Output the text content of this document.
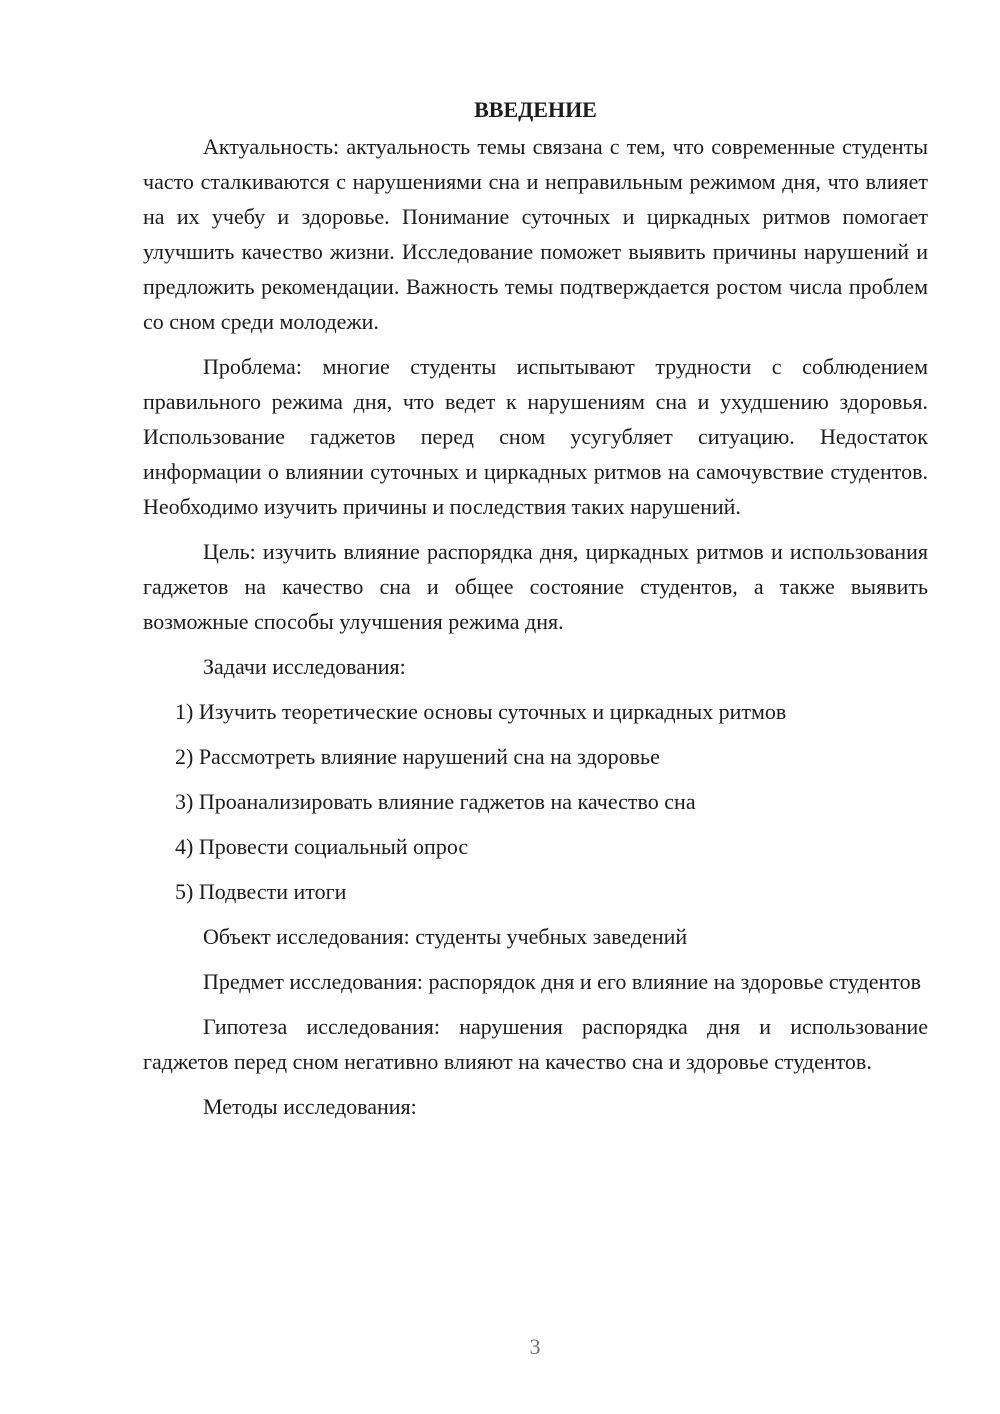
ВВЕДЕНИЕ

Актуальность: актуальность темы связана с тем, что современные студенты часто сталкиваются с нарушениями сна и неправильным режимом дня, что влияет на их учебу и здоровье. Понимание суточных и циркадных ритмов помогает улучшить качество жизни. Исследование поможет выявить причины нарушений и предложить рекомендации. Важность темы подтверждается ростом числа проблем со сном среди молодежи.

Проблема: многие студенты испытывают трудности с соблюдением правильного режима дня, что ведет к нарушениям сна и ухудшению здоровья. Использование гаджетов перед сном усугубляет ситуацию. Недостаток информации о влиянии суточных и циркадных ритмов на самочувствие студентов. Необходимо изучить причины и последствия таких нарушений.

Цель: изучить влияние распорядка дня, циркадных ритмов и использования гаджетов на качество сна и общее состояние студентов, а также выявить возможные способы улучшения режима дня.

Задачи исследования:

1) Изучить теоретические основы суточных и циркадных ритмов

2) Рассмотреть влияние нарушений сна на здоровье

3) Проанализировать влияние гаджетов на качество сна

4) Провести социальный опрос

5) Подвести итоги

Объект исследования: студенты учебных заведений

Предмет исследования: распорядок дня и его влияние на здоровье студентов

Гипотеза исследования: нарушения распорядка дня и использование гаджетов перед сном негативно влияют на качество сна и здоровье студентов.

Методы исследования:

3
